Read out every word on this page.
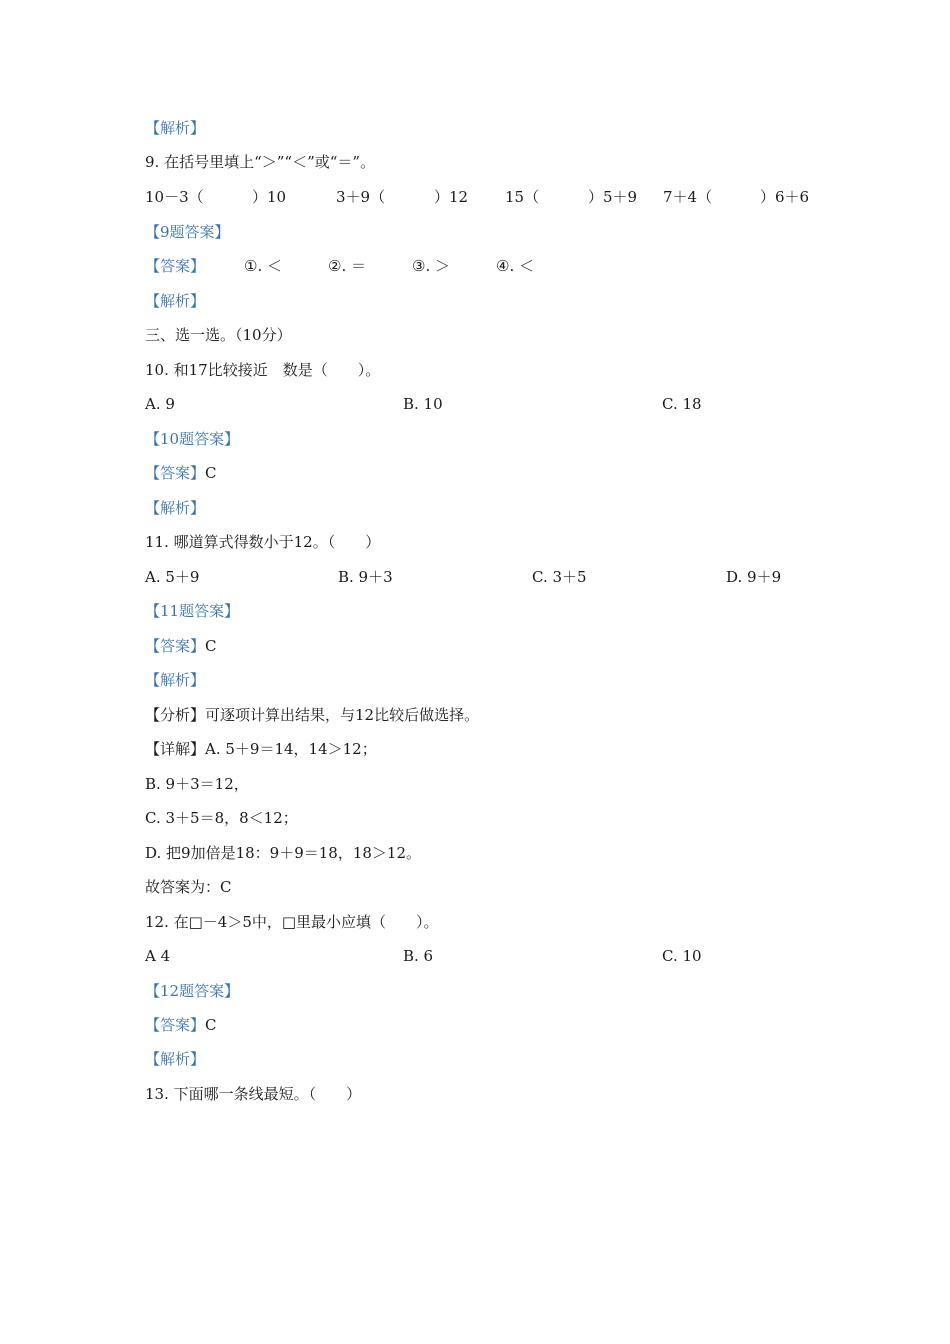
【解析】
9. 在括号里填上“＞”“＜”或“＝”。
10－3（	）10	3＋9（	）12 15（	）5＋9 7＋4（	）6＋6
【9题答案】
【答案】	①. ＜	②. ＝	③. ＞	④. ＜
【解析】
三、选一选。（10分）
10. 和17比较接近　数是（　　）。
A. 9	B. 10	C. 18
【10题答案】
【答案】C
【解析】
11. 哪道算式得数小于12。（　　）
A. 5＋9	B. 9＋3	C. 3＋5	D. 9＋9
【11题答案】
【答案】C
【解析】
【分析】可逐项计算出结果，与12比较后做选择。
【详解】A. 5＋9＝14，14＞12；
B. 9＋3＝12，
C. 3＋5＝8，8＜12；
D. 把9加倍是18：9＋9＝18，18＞12。
故答案为：C
12. 在□－4＞5中，□里最小应填（　　）。
A 4	B. 6	C. 10
【12题答案】
【答案】C
【解析】
13. 下面哪一条线最短。（　　）
